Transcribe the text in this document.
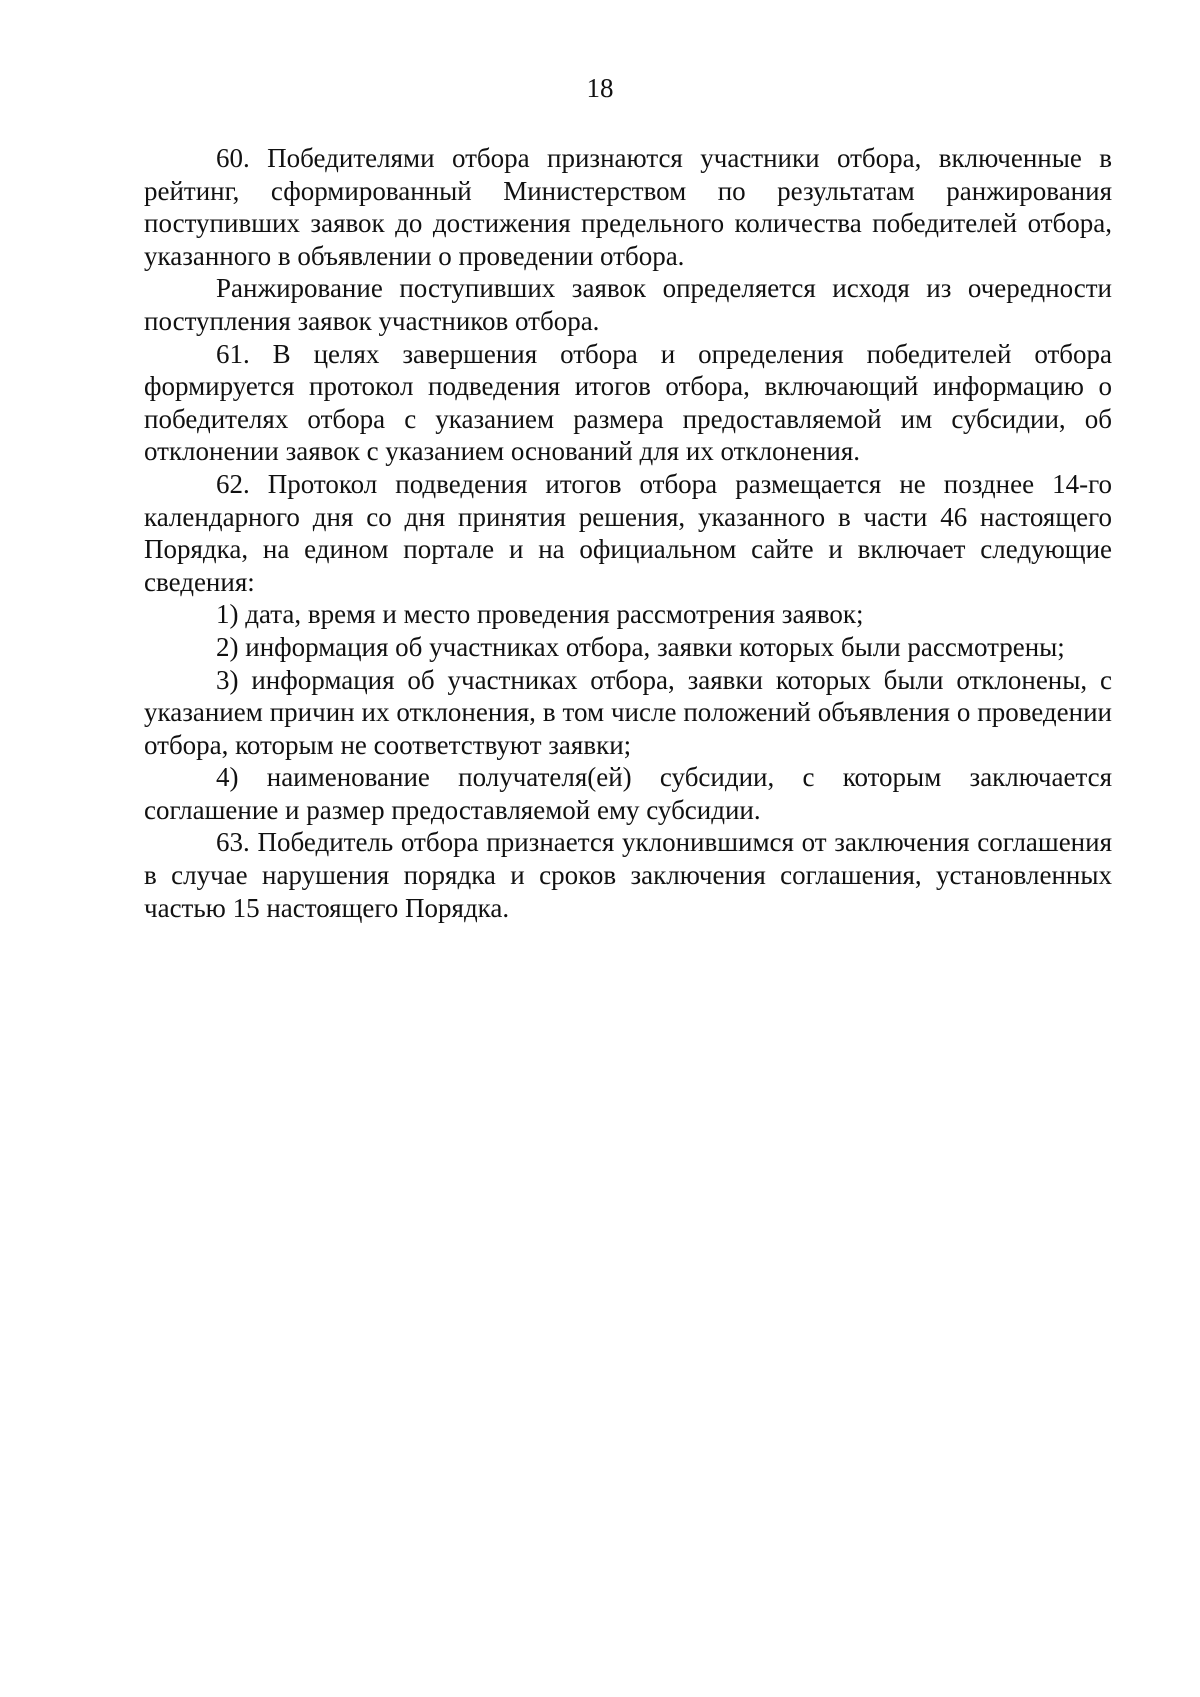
18

60. Победителями отбора признаются участники отбора, включенные в рейтинг, сформированный Министерством по результатам ранжирования поступивших заявок до достижения предельного количества победителей отбора, указанного в объявлении о проведении отбора.

Ранжирование поступивших заявок определяется исходя из очередности поступления заявок участников отбора.

61. В целях завершения отбора и определения победителей отбора формируется протокол подведения итогов отбора, включающий информацию о победителях отбора с указанием размера предоставляемой им субсидии, об отклонении заявок с указанием оснований для их отклонения.

62. Протокол подведения итогов отбора размещается не позднее 14-го календарного дня со дня принятия решения, указанного в части 46 настоящего Порядка, на едином портале и на официальном сайте и включает следующие сведения:

1) дата, время и место проведения рассмотрения заявок;

2) информация об участниках отбора, заявки которых были рассмотрены;

3) информация об участниках отбора, заявки которых были отклонены, с указанием причин их отклонения, в том числе положений объявления о проведении отбора, которым не соответствуют заявки;

4) наименование получателя(ей) субсидии, с которым заключается соглашение и размер предоставляемой ему субсидии.

63. Победитель отбора признается уклонившимся от заключения соглашения в случае нарушения порядка и сроков заключения соглашения, установленных частью 15 настоящего Порядка.
